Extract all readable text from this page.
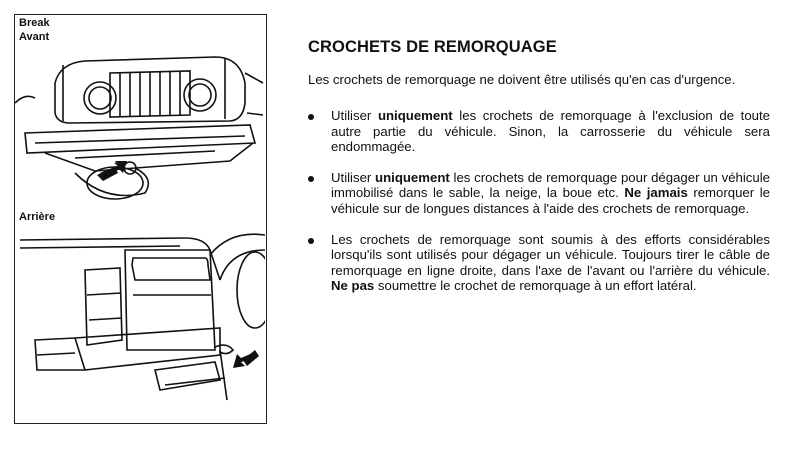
Break
Avant
Arrière
CROCHETS DE REMORQUAGE
Les crochets de remorquage ne doivent être utilisés qu'en cas d'urgence.
Utiliser uniquement les crochets de remorquage à l'exclusion de toute autre partie du véhicule. Sinon, la carrosserie du véhicule sera endommagée.
Utiliser uniquement les crochets de remorquage pour dégager un véhicule immobilisé dans le sable, la neige, la boue etc. Ne jamais remorquer le véhicule sur de longues distances à l'aide des crochets de remorquage.
Les crochets de remorquage sont soumis à des efforts considérables lorsqu'ils sont utilisés pour dégager un véhicule. Toujours tirer le câble de remorquage en ligne droite, dans l'axe de l'avant ou l'arrière du véhicule. Ne pas soumettre le crochet de remorquage à un effort latéral.
